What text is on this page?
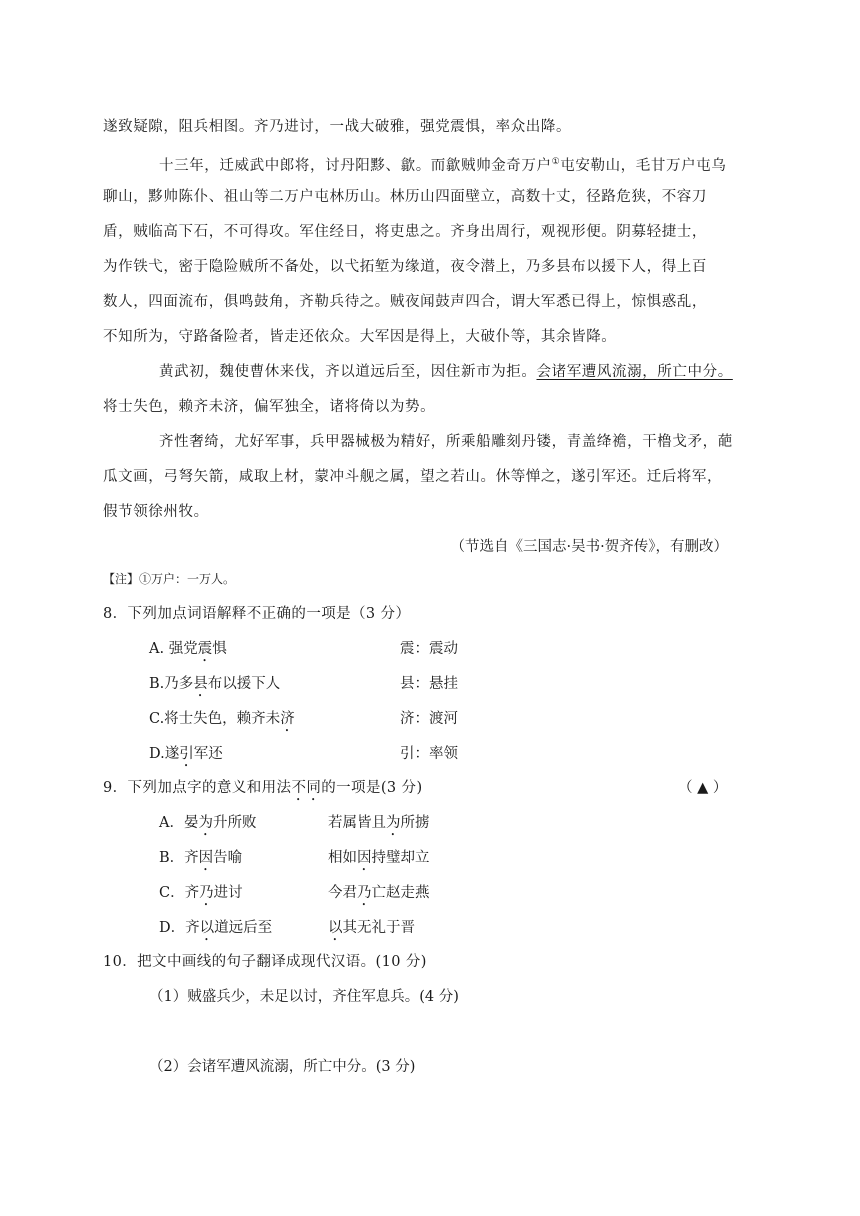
遂致疑隙，阻兵相图。齐乃进讨，一战大破雅，强党震惧，率众出降。
十三年，迁威武中郎将，讨丹阳黟、歙。而歙贼帅金奇万户①屯安勒山，毛甘万户屯乌
聊山，黟帅陈仆、祖山等二万户屯林历山。林历山四面壁立，高数十丈，径路危狭，不容刀
盾，贼临高下石，不可得攻。军住经日，将吏患之。齐身出周行，观视形便。阴募轻捷士，
为作铁弋，密于隐险贼所不备处，以弋拓堑为缘道，夜令潜上，乃多县布以援下人，得上百
数人，四面流布，俱鸣鼓角，齐勒兵待之。贼夜闻鼓声四合，谓大军悉已得上，惊惧惑乱，
不知所为，守路备险者，皆走还依众。大军因是得上，大破仆等，其余皆降。
黄武初，魏使曹休来伐，齐以道远后至，因住新市为拒。会诸军遭风流溺，所亡中分。
将士失色，赖齐未济，偏军独全，诸将倚以为势。
齐性奢绮，尤好军事，兵甲器械极为精好，所乘船雕刻丹镂，青盖绛襜，干橹戈矛，葩
瓜文画，弓弩矢箭，咸取上材，蒙冲斗舰之属，望之若山。休等惮之，遂引军还。迁后将军，
假节领徐州牧。
（节选自《三国志·吴书·贺齐传》，有删改）
【注】①万户：一万人。
8．下列加点词语解释不正确的一项是（3 分）
A. 强党震惧	震：震动
B.乃多县布以援下人	县：悬挂
C.将士失色，赖齐未济	济：渡河
D.遂引军还	引：率领
9．下列加点字的意义和用法不同的一项是(3 分)	（ ▲ ）
A．晏为升所败	若属皆且为所掳
B．齐因告喻	相如因持璧却立
C．齐乃进讨	今君乃亡赵走燕
D．齐以道远后至	以其无礼于晋
10．把文中画线的句子翻译成现代汉语。(10 分)
（1）贼盛兵少，未足以讨，齐住军息兵。(4 分)
（2）会诸军遭风流溺，所亡中分。(3 分)
